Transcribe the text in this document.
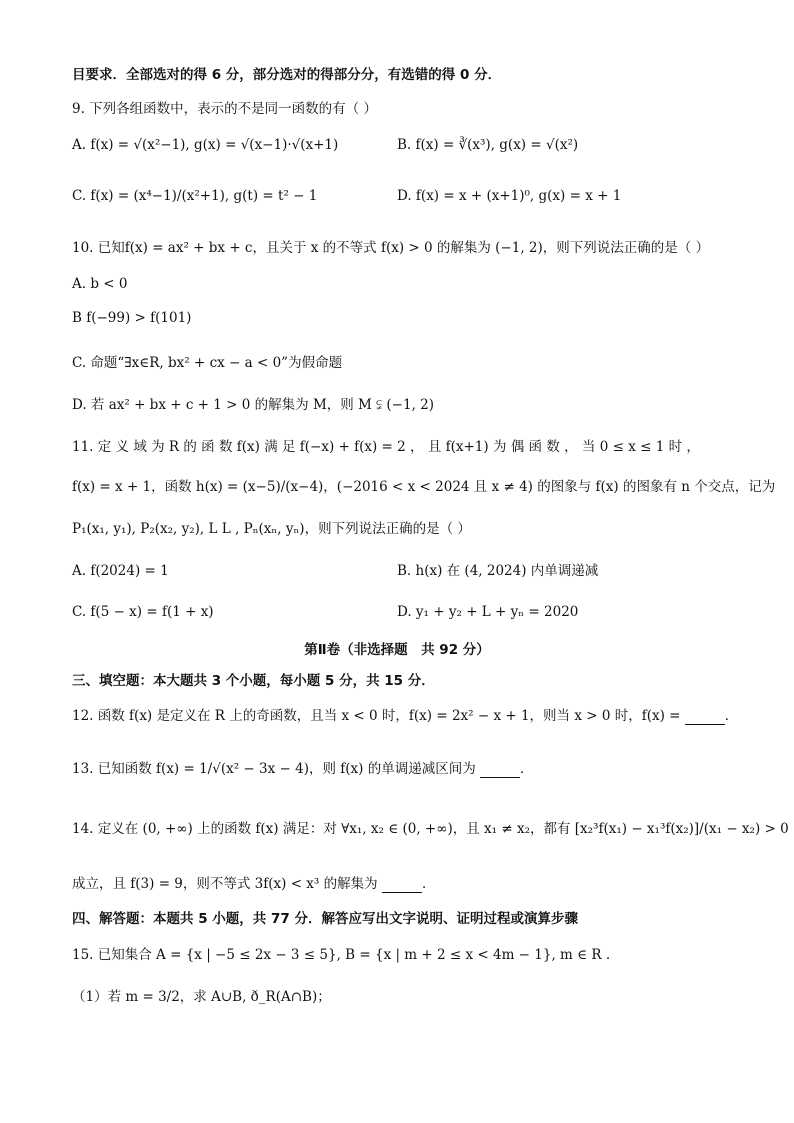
目要求．全部选对的得 6 分，部分选对的得部分分，有选错的得 0 分．
9. 下列各组函数中，表示的不是同一函数的有（ ）
A. f(x) = √(x²−1), g(x) = √(x−1)·√(x+1)	B. f(x) = ∛(x³), g(x) = √(x²)
C. f(x) = (x⁴−1)/(x²+1), g(t) = t² − 1	D. f(x) = x + (x+1)⁰, g(x) = x + 1
10. 已知f(x) = ax² + bx + c，且关于 x 的不等式 f(x) > 0 的解集为 (−1, 2)，则下列说法正确的是（ ）
A. b < 0
B f(−99) > f(101)
C. 命题“∃x∈R, bx² + cx − a < 0”为假命题
D. 若 ax² + bx + c + 1 > 0 的解集为 M，则 M ⫋ (−1, 2)
11. 定 义 域 为 R 的 函 数 f(x) 满 足 f(−x) + f(x) = 2 ， 且 f(x+1) 为 偶 函 数 ， 当 0 ≤ x ≤ 1 时 ，
f(x) = x + 1，函数 h(x) = (x−5)/(x−4)，(−2016 < x < 2024 且 x ≠ 4) 的图象与 f(x) 的图象有 n 个交点，记为
P₁(x₁, y₁), P₂(x₂, y₂), L L , Pₙ(xₙ, yₙ)，则下列说法正确的是（ ）
A. f(2024) = 1	B. h(x) 在 (4, 2024) 内单调递减
C. f(5 − x) = f(1 + x)	D. y₁ + y₂ + L + yₙ = 2020
第Ⅱ卷（非选择题　共 92 分）
三、填空题：本大题共 3 个小题，每小题 5 分，共 15 分．
12. 函数 f(x) 是定义在 R 上的奇函数，且当 x < 0 时，f(x) = 2x² − x + 1，则当 x > 0 时，f(x) =	．
13. 已知函数 f(x) = 1/√(x² − 3x − 4)，则 f(x) 的单调递减区间为	．
14. 定义在 (0, +∞) 上的函数 f(x) 满足：对 ∀x₁, x₂ ∈ (0, +∞)，且 x₁ ≠ x₂，都有 [x₂³f(x₁) − x₁³f(x₂)]/(x₁ − x₂) > 0
成立，且 f(3) = 9，则不等式 3f(x) < x³ 的解集为	．
四、解答题：本题共 5 小题，共 77 分．解答应写出文字说明、证明过程或演算步骤
15. 已知集合 A = {x | −5 ≤ 2x − 3 ≤ 5}, B = {x | m + 2 ≤ x < 4m − 1}, m ∈ R .
（1）若 m = 3/2，求 A∪B, ð_R(A∩B)；
